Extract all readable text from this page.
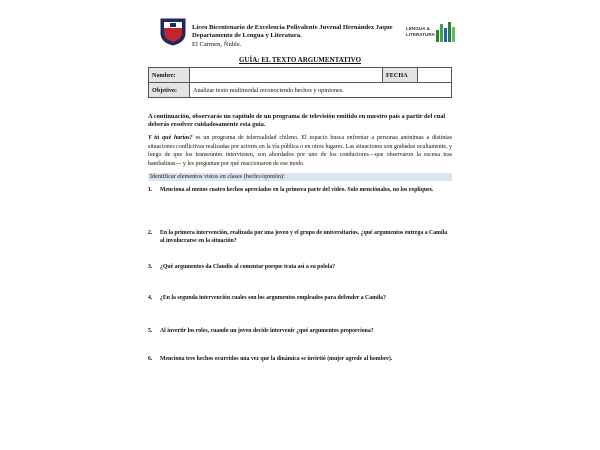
Liceo Bicentenario de Excelencia Polivalente Juvenal Hernández Jaque
Departamento de Lengua y Literatura.
El Carmen, Ñuble.
LENGUA & LITERATURA
GUÍA: EL TEXTO ARGUMENTATIVO
Nombre:		FECHA	
Objetivo:	Analizar texto multimodal reconociendo hechos y opiniones.		
A continuación, observarás un capítulo de un programa de televisión emitido en nuestro país a partir del cual deberás resolver cuidadosamente esta guía.
Y tú qué harías? es un programa de telerrealidad chileno. El espacio busca enfrentar a personas anónimas a distintas situaciones conflictivas realizadas por actores en la vía pública o en otros lugares. Las situaciones son grabadas ocultamente, y luego de que los transeúntes intervienen, son abordados por uno de los conductores—que observaron la escena tras bambalinas— y les preguntan por qué reaccionaron de ese modo.
Identificar elementos vistos en clases (hecho/opinión):
1.	Menciona al menos cuatro hechos apreciados en la primera parte del video. Solo menciónalos, no los expliques.
2.	En la primera intervención, realizada por una joven y el grupo de universitarios, ¿qué argumentos entrega a Camila al involucrarse en la situación?
3.	¿Qué argumentos da Claudio al comentar porque trata así a su polola?
4.	¿En la segunda intervención cuales son los argumentos empleados para defender a Camila?
5.	Al invertir los roles, cuando un joven decide intervenir ¿qué argumentos proporciona?
6.	Menciona tres hechos ocurridos una vez que la dinámica se invirtió (mujer agrede al hombre).
